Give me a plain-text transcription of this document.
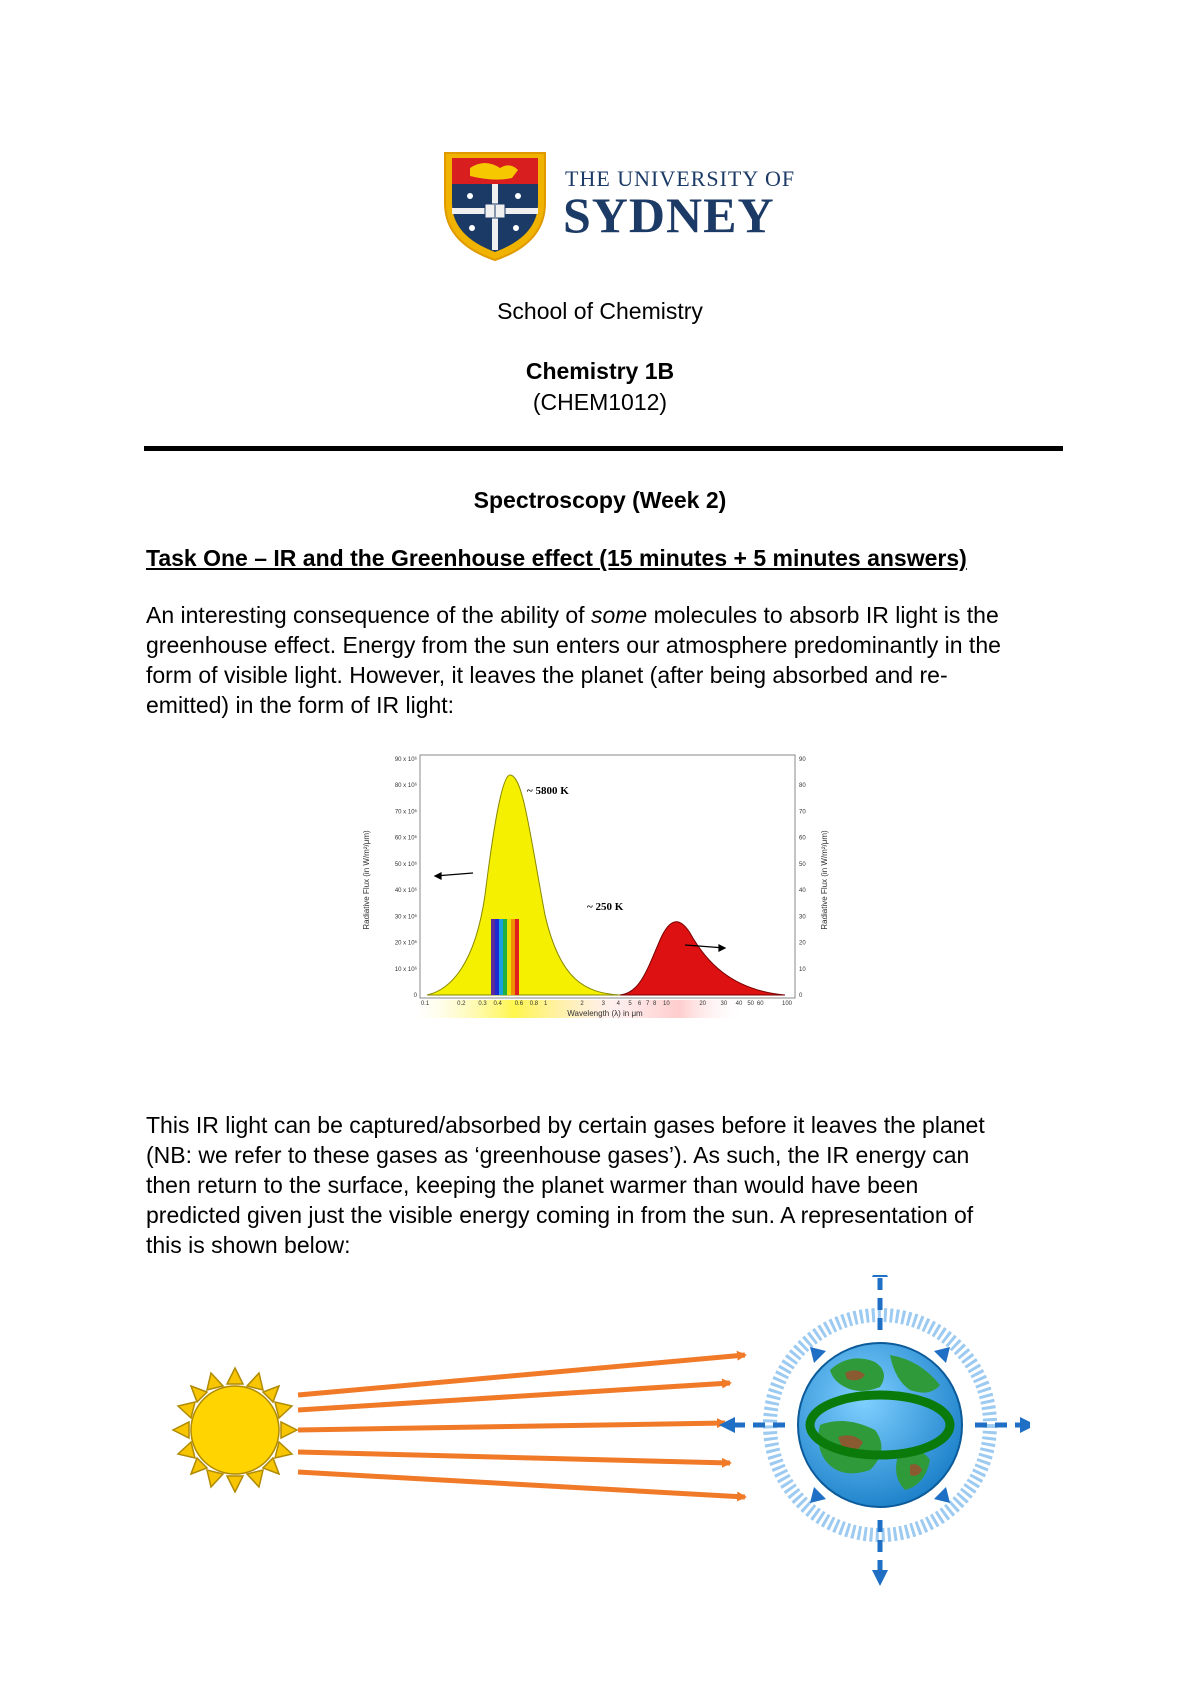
THE UNIVERSITY OF
SYDNEY
School of Chemistry
Chemistry 1B
(CHEM1012)
Spectroscopy (Week 2)
Task One – IR and the Greenhouse effect (15 minutes + 5 minutes answers)

An interesting consequence of the ability of some molecules to absorb IR light is the

greenhouse effect. Energy from the sun enters our atmosphere predominantly in the

form of visible light. However, it leaves the planet (after being absorbed and re-

emitted) in the form of IR light:

~ 5800 K
~ 250 K
Radiative Flux (in W/m²/μm)	Radiative Flux (in W/m²/μm)
Wavelength (λ) in μm
0
10 x 10⁶
20 x 10⁶
30 x 10⁶
40 x 10⁶
50 x 10⁶
60 x 10⁶
70 x 10⁶
80 x 10⁶
90 x 10⁶
0
10
20
30
40
50
60
70
80
90
0.1	0.2 0.3 0.4 0.6 0.8 1	2	3 4 5 6 7 8 10	20 30 40 50 60	100

This IR light can be captured/absorbed by certain gases before it leaves the planet

(NB: we refer to these gases as ‘greenhouse gases’). As such, the IR energy can

then return to the surface, keeping the planet warmer than would have been

predicted given just the visible energy coming in from the sun. A representation of

this is shown below:
